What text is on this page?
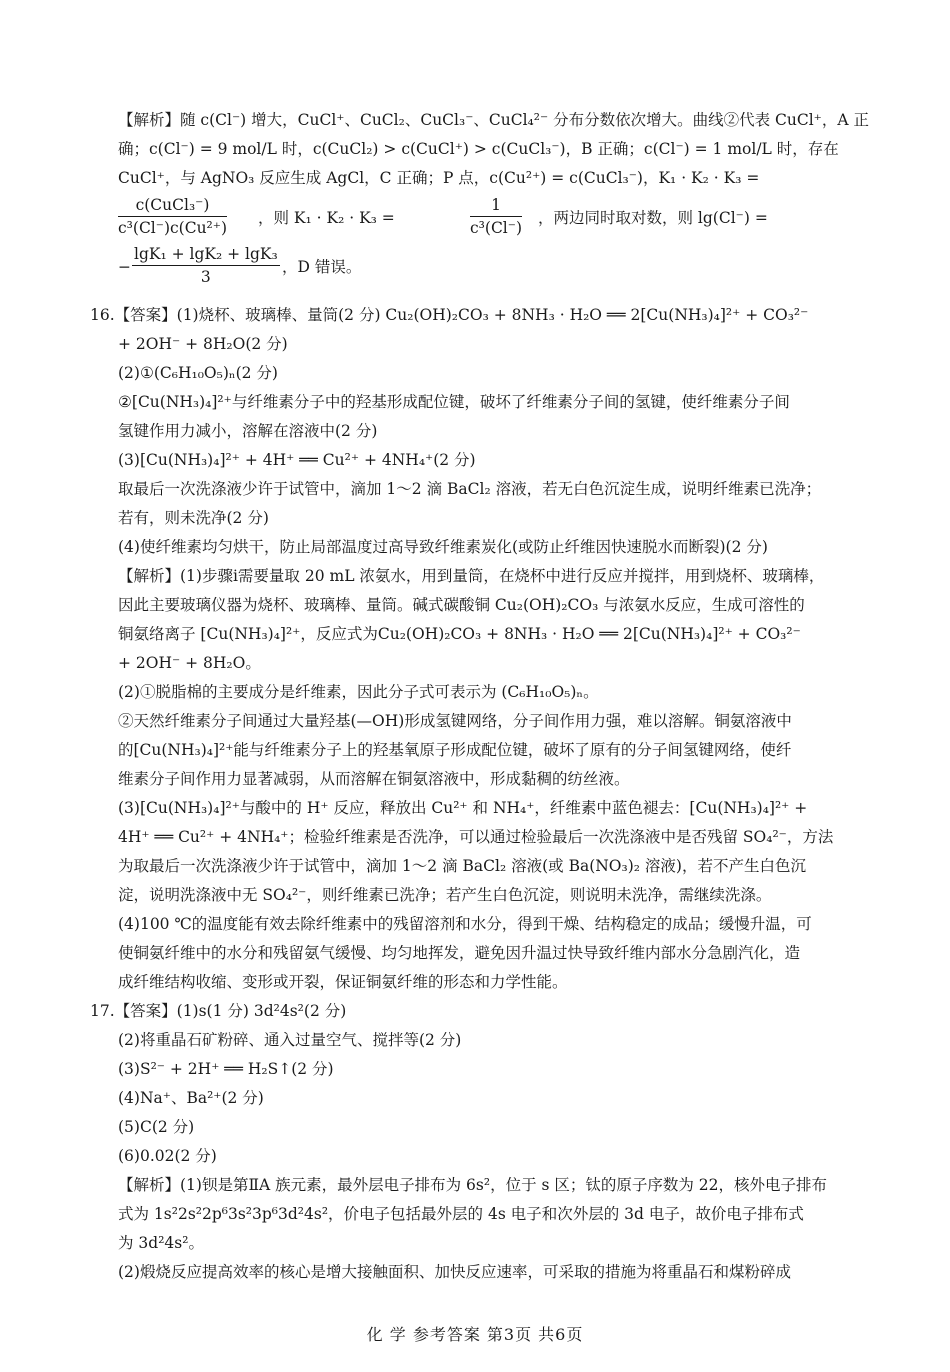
【解析】随 c(Cl⁻) 增大，CuCl⁺、CuCl₂、CuCl₃⁻、CuCl₄²⁻ 分布分数依次增大。曲线②代表 CuCl⁺，A 正
确；c(Cl⁻) = 9 mol/L 时，c(CuCl₂) > c(CuCl⁺) > c(CuCl₃⁻)，B 正确；c(Cl⁻) = 1 mol/L 时，存在
CuCl⁺，与 AgNO₃ 反应生成 AgCl，C 正确；P 点，c(Cu²⁺) = c(CuCl₃⁻)，K₁ · K₂ · K₃ =
c(CuCl₃⁻)
c³(Cl⁻)c(Cu²⁺)
，则 K₁ · K₂ · K₃ =	$\frac{1}{\text{c³(Cl⁻)}}$ ，两边同时取对数，则 lg(Cl⁻) =
− $\frac{\text{lgK₁ + lgK₂ + lgK₃}}{3}$ ，D 错误。
16.【答案】(1)烧杯、玻璃棒、量筒(2 分) Cu₂(OH)₂CO₃ + 8NH₃ · H₂O ══ 2[Cu(NH₃)₄]²⁺ + CO₃²⁻
+ 2OH⁻ + 8H₂O(2 分)
(2)①(C₆H₁₀O₅)ₙ(2 分)
②[Cu(NH₃)₄]²⁺与纤维素分子中的羟基形成配位键，破坏了纤维素分子间的氢键，使纤维素分子间
氢键作用力减小，溶解在溶液中(2 分)
(3)[Cu(NH₃)₄]²⁺ + 4H⁺ ══ Cu²⁺ + 4NH₄⁺(2 分)
取最后一次洗涤液少许于试管中，滴加 1～2 滴 BaCl₂ 溶液，若无白色沉淀生成，说明纤维素已洗净；
若有，则未洗净(2 分)
(4)使纤维素均匀烘干，防止局部温度过高导致纤维素炭化(或防止纤维因快速脱水而断裂)(2 分)
【解析】(1)步骤ⅰ需要量取 20 mL 浓氨水，用到量筒，在烧杯中进行反应并搅拌，用到烧杯、玻璃棒，
因此主要玻璃仪器为烧杯、玻璃棒、量筒。碱式碳酸铜 Cu₂(OH)₂CO₃ 与浓氨水反应，生成可溶性的
铜氨络离子 [Cu(NH₃)₄]²⁺，反应式为Cu₂(OH)₂CO₃ + 8NH₃ · H₂O ══ 2[Cu(NH₃)₄]²⁺ + CO₃²⁻
+ 2OH⁻ + 8H₂O。
(2)①脱脂棉的主要成分是纤维素，因此分子式可表示为 (C₆H₁₀O₅)ₙ。
②天然纤维素分子间通过大量羟基(—OH)形成氢键网络，分子间作用力强，难以溶解。铜氨溶液中
的[Cu(NH₃)₄]²⁺能与纤维素分子上的羟基氧原子形成配位键，破坏了原有的分子间氢键网络，使纤
维素分子间作用力显著减弱，从而溶解在铜氨溶液中，形成黏稠的纺丝液。
(3)[Cu(NH₃)₄]²⁺与酸中的 H⁺ 反应，释放出 Cu²⁺ 和 NH₄⁺，纤维素中蓝色褪去：[Cu(NH₃)₄]²⁺ +
4H⁺ ══ Cu²⁺ + 4NH₄⁺；检验纤维素是否洗净，可以通过检验最后一次洗涤液中是否残留 SO₄²⁻，方法
为取最后一次洗涤液少许于试管中，滴加 1～2 滴 BaCl₂ 溶液(或 Ba(NO₃)₂ 溶液)，若不产生白色沉
淀，说明洗涤液中无 SO₄²⁻，则纤维素已洗净；若产生白色沉淀，则说明未洗净，需继续洗涤。
(4)100 ℃的温度能有效去除纤维素中的残留溶剂和水分，得到干燥、结构稳定的成品；缓慢升温，可
使铜氨纤维中的水分和残留氨气缓慢、均匀地挥发，避免因升温过快导致纤维内部水分急剧汽化，造
成纤维结构收缩、变形或开裂，保证铜氨纤维的形态和力学性能。
17.【答案】(1)s(1 分) 3d²4s²(2 分)
(2)将重晶石矿粉碎、通入过量空气、搅拌等(2 分)
(3)S²⁻ + 2H⁺ ══ H₂S↑(2 分)
(4)Na⁺、Ba²⁺(2 分)
(5)C(2 分)
(6)0.02(2 分)
【解析】(1)钡是第ⅡA 族元素，最外层电子排布为 6s²，位于 s 区；钛的原子序数为 22，核外电子排布
式为 1s²2s²2p⁶3s²3p⁶3d²4s²，价电子包括最外层的 4s 电子和次外层的 3d 电子，故价电子排布式
为 3d²4s²。
(2)煅烧反应提高效率的核心是增大接触面积、加快反应速率，可采取的措施为将重晶石和煤粉碎成
化 学 参考答案 第3页 共6页
